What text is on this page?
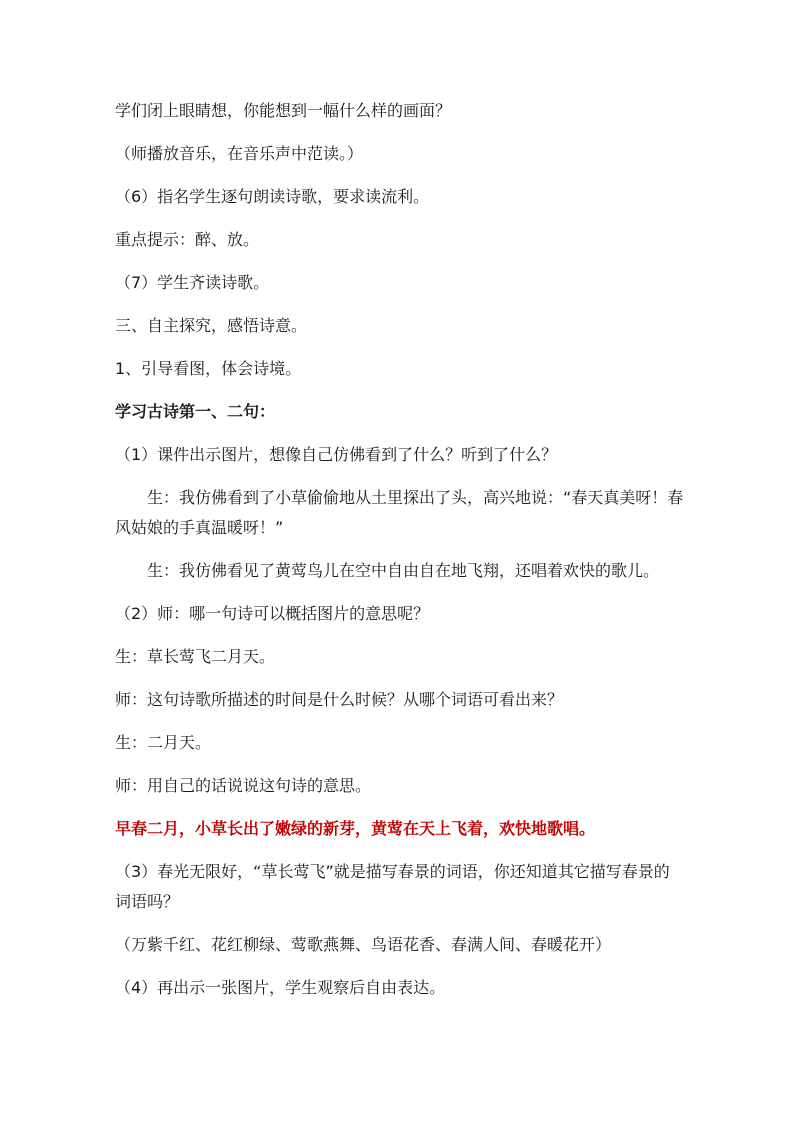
学们闭上眼睛想，你能想到一幅什么样的画面？

（师播放音乐，在音乐声中范读。）

（6）指名学生逐句朗读诗歌，要求读流利。

重点提示：醉、放。

（7）学生齐读诗歌。

三、自主探究，感悟诗意。

1、引导看图，体会诗境。

学习古诗第一、二句：

（1）课件出示图片，想像自己仿佛看到了什么？听到了什么？

生：我仿佛看到了小草偷偷地从土里探出了头，高兴地说：“春天真美呀！春风姑娘的手真温暖呀！”

生：我仿佛看见了黄莺鸟儿在空中自由自在地飞翔，还唱着欢快的歌儿。

（2）师：哪一句诗可以概括图片的意思呢？

生：草长莺飞二月天。

师：这句诗歌所描述的时间是什么时候？从哪个词语可看出来？

生：二月天。

师：用自己的话说说这句诗的意思。

早春二月，小草长出了嫩绿的新芽，黄莺在天上飞着，欢快地歌唱。

（3）春光无限好，“草长莺飞”就是描写春景的词语，你还知道其它描写春景的词语吗？

（万紫千红、花红柳绿、莺歌燕舞、鸟语花香、春满人间、春暖花开）

（4）再出示一张图片，学生观察后自由表达。
